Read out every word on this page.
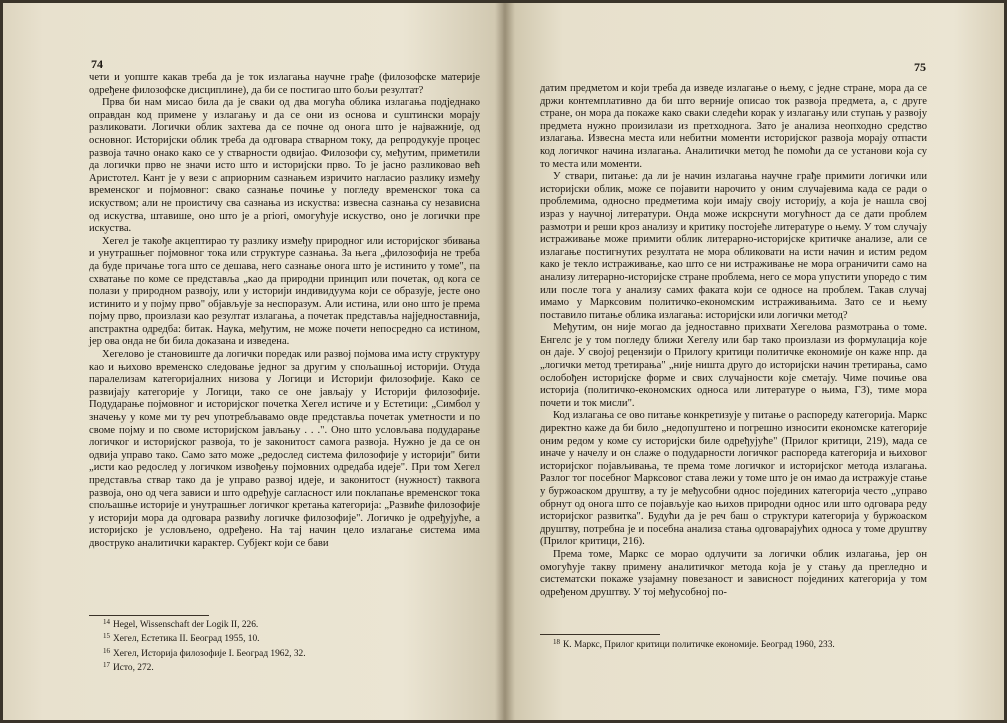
74

чети и уопште какав треба да је ток излагања научне грађе (филозофске материје одређене филозофске дисциплине), да би се постигао што бољи резултат?

Прва би нам мисао била да је сваки од два могућа облика излагања подједнако оправдан код примене у излагању и да се они из основа и суштински морају разликовати. Логички облик захтева да се почне од онога што је најважније, од основног. Историјски облик треба да одговара стварном току, да репродукује процес развоја тачно онако како се у стварности одвијао. Филозофи су, међутим, приметили да логички прво не значи исто што и историјски прво. То је јасно разликовао већ Аристотел. Кант је у вези с априорним сазнањем изричито нагласио разлику између временског и појмовног: свако сазнање почиње у погледу временског тока са искуством; али не проистичу сва сазнања из искуства: извесна сазнања су независна од искуства, штавише, оно што је a priori, омогућује искуство, оно је логички пре искуства.

Хегел је такође акцептирао ту разлику између природног или историјског збивања и унутрашњег појмовног тока или структуре сазнања. За њега „филозофија не треба да буде причање тога што се дешава, него сазнање онога што је истинито у томе", па схватање по коме се представља „као да природни принцип или почетак, од кога се полази у природном развоју, или у историји индивидуума који се образује, јесте оно истинито и у појму прво" објављује за неспоразум. Али истина, или оно што је према појму прво, произлази као резултат излагања, а почетак представља најједноставнија, апстрактна одредба: битак. Наука, међутим, не може почети непосредно са истином, јер ова онда не би била доказана и изведена.

Хегелово је становиште да логички поредак или развој појмова има исту структуру као и њихово временско следовање једног за другим у спољашњој историји. Отуда паралелизам категоријалних низова у Логици и Историји филозофије. Како се развијају категорије у Логици, тако се оне јављају у Историји филозофије. Подударање појмовног и историјског почетка Хегел истиче и у Естетици: „Симбол у значењу у коме ми ту реч употребљавамо овде представља почетак уметности и по своме појму и по своме историјском јављању . . .". Оно што условљава подударање логичког и историјског развоја, то је законитост самога развоја. Нужно је да се он одвија управо тако. Само зато може „редослед система филозофије у историји" бити „исти као редослед у логичком извођењу појмовних одредаба идеје". При том Хегел представља ствар тако да је управо развој идеје, и законитост (нужност) таквога развоја, оно од чега зависи и што одређује сагласност или поклапање временског тока спољашње историје и унутрашњег логичког кретања категорија: „Развиће филозофије у историји мора да одговара развићу логичке филозофије". Логичко је одређујуће, а историјско је условљено, одређено. На тај начин цело излагање система има двоструко аналитички карактер. Субјект који се бави

$^{14}$ Hegel, Wissenschaft der Logik II, 226.
$^{15}$ Хегел, Естетика II. Београд 1955, 10.
$^{16}$ Хегел, Историја филозофије I. Београд 1962, 32.
$^{17}$ Исто, 272.
75

датим предметом и који треба да изведе излагање о њему, с једне стране, мора да се држи контемплативно да би што верније описао ток развоја предмета, а, с друге стране, он мора да покаже како сваки следећи корак у излагању или ступањ у развоју предмета нужно произилази из претходнога. Зато је анализа неопходно средство излагања. Извесна места или небитни моменти историјског развоја морају отпасти код логичког начина излагања. Аналитички метод ће помоћи да се установи која су то места или моменти.

У ствари, питање: да ли је начин излагања научне грађе примити логички или историјски облик, може се појавити нарочито у оним случајевима када се ради о проблемима, односно предметима који имају своју историју, а која је нашла свој израз у научној литератури. Онда може искрснути могућност да се дати проблем размотри и реши кроз анализу и критику постојеће литературе о њему. У том случају истраживање може примити облик литерарно-историјске критичке анализе, али се излагање постигнутих резултата не мора обликовати на исти начин и истим редом како је текло истраживање, као што се ни истраживање не мора ограничити само на анализу литерарно-историјске стране проблема, него се мора упустити упоредо с тим или после тога у анализу самих факата који се односе на проблем. Такав случај имамо у Марксовим политичко-економским истраживањима. Зато се и њему поставило питање облика излагања: историјски или логички метод?

Међутим, он није могао да једноставно прихвати Хегелова размотрања о томе. Енгелс је у том погледу ближи Хегелу или бар тако произлази из формулација које он даје. У својој рецензији о Прилогу критици политичке економије он каже нпр. да „логички метод третирања" „није ништа друго до историјски начин третирања, само ослобођен историјске форме и свих случајности које сметају. Чиме почиње ова историја (политичко-економских односа или литературе о њима, ГЗ), тиме мора почети и ток мисли".

Код излагања се ово питање конкретизује у питање о распореду категорија. Маркс директно каже да би било „недопуштено и погрешно износити економске категорије оним редом у коме су историјски биле одређујуће" (Прилог критици, 219), мада се иначе у начелу и он слаже о подударности логичког распореда категорија и њиховог историјског појављивања, те према томе логичког и историјског метода излагања. Разлог тог посебног Марксовог става лежи у томе што је он имао да истражује стање у буржоаском друштву, а ту је међусобни однос појединих категорија често „управо обрнут од онога што се појављује као њихов природни однос или што одговара реду историјског развитка". Будући да је реч баш о структури категорија у буржоаском друштву, потребна је и посебна анализа стања одговарајућих односа у томе друштву (Прилог критици, 216).

Према томе, Маркс се морао одлучити за логички облик излагања, јер он омогућује такву примену аналитичког метода која је у стању да прегледно и систематски покаже узајамну повезаност и зависност појединих категорија у том одређеном друштву. У тој међусобној по-

$^{18}$ К. Маркс, Прилог критици политичке економије. Београд 1960, 233.
